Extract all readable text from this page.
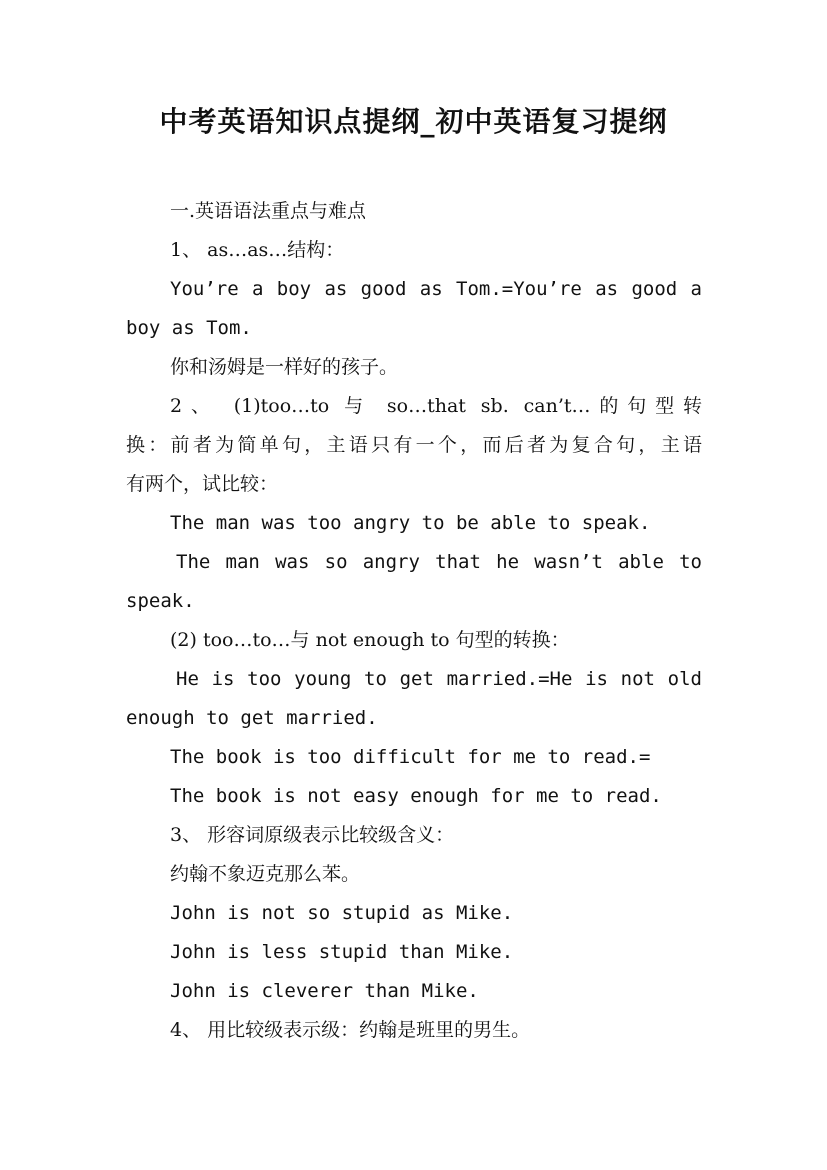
中考英语知识点提纲_初中英语复习提纲
一.英语语法重点与难点
1、 as…as…结构：
You’re a boy as good as Tom.=You’re as good a
boy as Tom.
你和汤姆是一样好的孩子。
2、 (1)too…to 与 so…that sb. can’t…的句型转
换：前者为简单句，主语只有一个，而后者为复合句，主语
有两个，试比较：
The man was too angry to be able to speak.
The man was so angry that he wasn’t able to
speak.
(2) too…to…与 not enough to 句型的转换：
He is too young to get married.=He is not old
enough to get married.
The book is too difficult for me to read.=
The book is not easy enough for me to read.
3、 形容词原级表示比较级含义：
约翰不象迈克那么苯。
John is not so stupid as Mike.
John is less stupid than Mike.
John is cleverer than Mike.
4、 用比较级表示级：约翰是班里的男生。
